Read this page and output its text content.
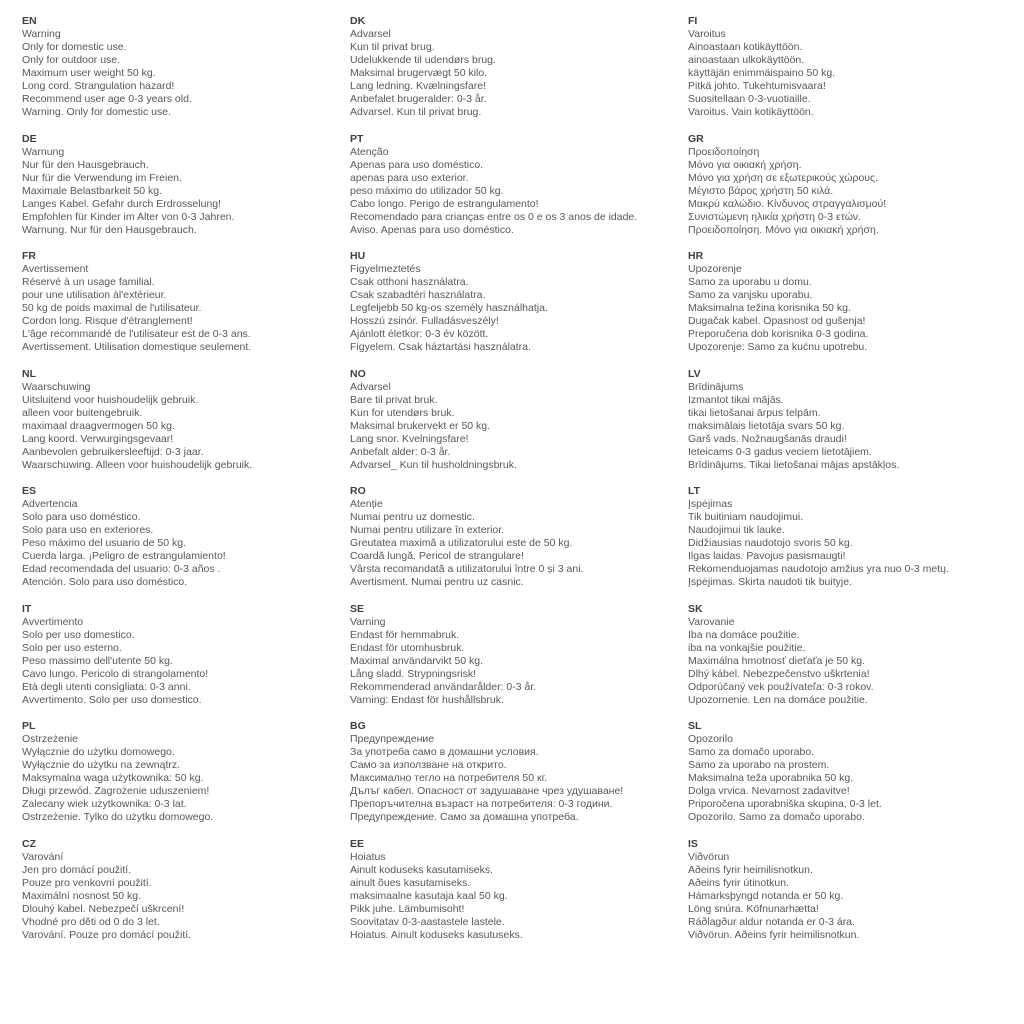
EN

Warning

Only for domestic use.

Only for outdoor use.

Maximum user weight 50 kg.

Long cord. Strangulation hazard!

Recommend user age 0-3 years old.

Warning. Only for domestic use.

DK

Advarsel

Kun til privat brug.

Udelukkende til udendørs brug.

Maksimal brugervægt 50 kilo.

Lang ledning. Kvælningsfare!

Anbefalet brugeralder: 0-3 år.

Advarsel. Kun til privat brug.

FI

Varoitus

Ainoastaan kotikäyttöön.

ainoastaan ulkokäyttöön.

käyttäjän enimmäispaino 50 kg.

Pitkä johto. Tukehtumisvaara!

Suositellaan 0-3-vuotiaille.

Varoitus. Vain kotikäyttöön.

DE

Warnung

Nur für den Hausgebrauch.

Nur für die Verwendung im Freien.

Maximale Belastbarkeit 50 kg.

Langes Kabel. Gefahr durch Erdrosselung!

Empfohlen für Kinder im Alter von 0-3 Jahren.

Warnung. Nur für den Hausgebrauch.

PT

Atenção

Apenas para uso doméstico.

apenas para uso exterior.

peso máximo do utilizador 50 kg.

Cabo longo. Perigo de estrangulamento!

Recomendado para crianças entre os 0 e os 3 anos de idade.

Aviso. Apenas para uso doméstico.

GR

Προειδοποίηση

Μόνο για οικιακή χρήση.

Μόνο για χρήση σε εξωτερικούς χώρους.

Μέγιστο βάρος χρήστη 50 κιλά.

Μακρύ καλώδιο. Κίνδυνος στραγγαλισμού!

Συνιστώμενη ηλικία χρήστη 0-3 ετών.

Προειδοποίηση. Μόνο για οικιακή χρήση.

FR

Avertissement

Réservé à un usage familial.

pour une utilisation àl'extérieur.

50 kg de poids maximal de l'utilisateur.

Cordon long. Risque d'étranglement!

L'âge recommandé de l'utilisateur est de 0-3 ans.

Avertissement. Utilisation domestique seulement.

HU

Figyelmeztetés

Csak otthoni használatra.

Csak szabadtéri használatra.

Legfeljebb 50 kg-os személy használhatja.

Hosszú zsinór. Fulladásveszély!

Ajánlott életkor: 0-3 év között.

Figyelem. Csak háztartási használatra.

HR

Upozorenje

Samo za uporabu u domu.

Samo za vanjsku uporabu.

Maksimalna težina korisnika 50 kg.

Dugačak kabel. Opasnost od gušenja!

Preporučena dob korisnika 0-3 godina.

Upozorenje: Samo za kućnu upotrebu.

NL

Waarschuwing

Uitsluitend voor huishoudelijk gebruik.

alleen voor buitengebruik.

maximaal draagvermogen 50 kg.

Lang koord. Verwurgingsgevaar!

Aanbevolen gebruikersleeftijd: 0-3 jaar.

Waarschuwing. Alleen voor huishoudelijk gebruik.

NO

Advarsel

Bare til privat bruk.

Kun for utendørs bruk.

Maksimal brukervekt er 50 kg.

Lang snor. Kvelningsfare!

Anbefalt alder: 0-3 år.

Advarsel_ Kun til husholdningsbruk.

LV

Brīdinājums

Izmantot tikai mājās.

tikai lietošanai ārpus telpām.

maksimālais lietotāja svars 50 kg.

Garš vads. Nožnaugšanās draudi!

Ieteicams 0-3 gadus veciem lietotājiem.

Brīdinājums. Tikai lietošanai mājas apstākļos.

ES

Advertencia

Solo para uso doméstico.

Solo para uso en exteriores.

Peso máximo del usuario de 50 kg.

Cuerda larga. ¡Peligro de estrangulamiento!

Edad recomendada del usuario: 0-3 años .

Atención. Solo para uso doméstico.

RO

Atenție

Numai pentru uz domestic.

Numai pentru utilizare în exterior.

Greutatea maximă a utilizatorului este de 50 kg.

Coardă lungă. Pericol de strangulare!

Vârsta recomandată a utilizatorului între 0 și 3 ani.

Avertisment. Numai pentru uz casnic.

LT

Įspėjimas

Tik buitiniam naudojimui.

Naudojimui tik lauke.

Didžiausias naudotojo svoris 50 kg.

Ilgas laidas. Pavojus pasismaugti!

Rekomenduojamas naudotojo amžius yra nuo 0-3 metų.

Įspėjimas. Skirta naudoti tik buityje.

IT

Avvertimento

Solo per uso domestico.

Solo per uso esterno.

Peso massimo dell'utente 50 kg.

Cavo lungo. Pericolo di strangolamento!

Età degli utenti consigliata: 0-3 anni.

Avvertimento. Solo per uso domestico.

SE

Varning

Endast för hemmabruk.

Endast för utomhusbruk.

Maximal användarvikt 50 kg.

Lång sladd. Strypningsrisk!

Rekommenderad användarålder: 0-3 år.

Varning: Endast för hushållsbruk.

SK

Varovanie

Iba na domáce použitie.

iba na vonkajšie použitie.

Maximálna hmotnosť dieťaťa je 50 kg.

Dlhý kábel. Nebezpečenstvo uškrtenia!

Odporúčaný vek používateľa: 0-3 rokov.

Upozornenie. Len na domáce použitie.

PL

Ostrzeżenie

Wyłącznie do użytku domowego.

Wyłącznie do użytku na zewnątrz.

Maksymalna waga użytkownika: 50 kg.

Długi przewód. Zagrożenie uduszeniem!

Zalecany wiek użytkownika: 0-3 lat.

Ostrzeżenie. Tylko do użytku domowego.

BG

Предупреждение

За употреба само в домашни условия.

Само за използване на открито.

Максимално тегло на потребителя 50 кг.

Дълъг кабел. Опасност от задушаване чрез удушаване!

Препоръчителна възраст на потребителя: 0-3 години.

Предупреждение. Само за домашна употреба.

SL

Opozorilo

Samo za domačo uporabo.

Samo za uporabo na prostem.

Maksimalna teža uporabnika 50 kg.

Dolga vrvica. Nevarnost zadavitve!

Priporočena uporabniška skupina, 0-3 let.

Opozorilo. Samo za domačo uporabo.

CZ

Varování

Jen pro domácí použití.

Pouze pro venkovní použití.

Maximální nosnost 50 kg.

Dlouhý kabel. Nebezpečí uškrcení!

Vhodné pro děti od 0 do 3 let.

Varování. Pouze pro domácí použití.

EE

Hoiatus

Ainult koduseks kasutamiseks.

ainult õues kasutamiseks.

maksimaalne kasutaja kaal 50 kg.

Pikk juhe. Lämbumisoht!

Soovitatav 0-3-aastastele lastele.

Hoiatus. Ainult koduseks kasutuseks.

IS

Viðvörun

Aðeins fyrir heimilisnotkun.

Aðeins fyrir útinotkun.

Hámarksþyngd notanda er 50 kg.

Löng snúra. Köfnunarhætta!

Ráðlagður aldur notanda er 0-3 ára.

Viðvörun. Aðeins fyrir heimilisnotkun.
